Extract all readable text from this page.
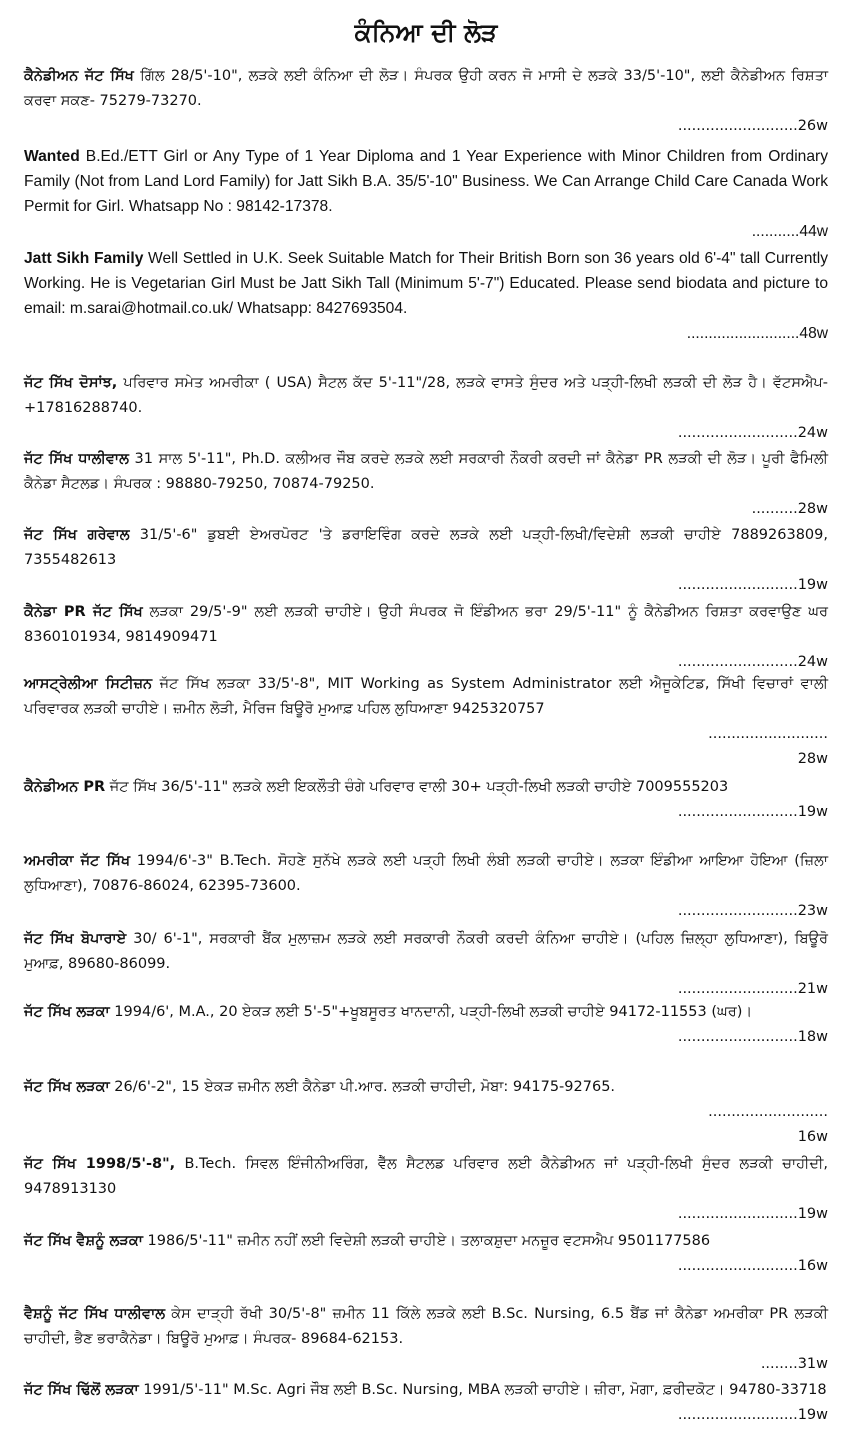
ਕੰਨਿਆ ਦੀ ਲੋੜ
ਕੈਨੇਡੀਅਨ ਜੱਟ ਸਿੱਖ ਗਿੱਲ 28/5'-10", ਲੜਕੇ ਲਈ ਕੰਨਿਆ ਦੀ ਲੋੜ। ਸੰਪਰਕ ਉਹੀ ਕਰਨ ਜੋ ਮਾਸੀ ਦੇ ਲੜਕੇ 33/5'-10", ਲਈ ਕੈਨੇਡੀਅਨ ਰਿਸ਼ਤਾ ਕਰਵਾ ਸਕਣ- 75279-73270.
.......................... 26w
Wanted B.Ed./ETT Girl or Any Type of 1 Year Diploma and 1 Year Experience with Minor Children from Ordinary Family (Not from Land Lord Family) for Jatt Sikh B.A. 35/5'-10" Business. We Can Arrange Child Care Canada Work Permit for Girl. Whatsapp No : 98142-17378.
........... 44w
Jatt Sikh Family Well Settled in U.K. Seek Suitable Match for Their British Born son 36 years old 6'-4" tall Currently Working. He is Vegetarian Girl Must be Jatt Sikh Tall (Minimum 5'-7") Educated. Please send biodata and picture to email: m.sarai@hotmail.co.uk/ Whatsapp: 8427693504.
.......................... 48w
ਜੱਟ ਸਿੱਖ ਦੋਸਾਂਝ, ਪਰਿਵਾਰ ਸਮੇਤ ਅਮਰੀਕਾ ( USA) ਸੈਟਲ ਕੱਦ 5'-11"/28, ਲੜਕੇ ਵਾਸਤੇ ਸੁੰਦਰ ਅਤੇ ਪੜ੍ਹੀ-ਲਿਖੀ ਲੜਕੀ ਦੀ ਲੋੜ ਹੈ। ਵੱਟਸਐਪ- +17816288740.
.......................... 24w
ਜੱਟ ਸਿੱਖ ਧਾਲੀਵਾਲ 31 ਸਾਲ 5'-11", Ph.D. ਕਲੀਅਰ ਜੌਬ ਕਰਦੇ ਲੜਕੇ ਲਈ ਸਰਕਾਰੀ ਨੌਕਰੀ ਕਰਦੀ ਜਾਂ ਕੈਨੇਡਾ PR ਲੜਕੀ ਦੀ ਲੋੜ। ਪੂਰੀ ਫੈਮਿਲੀ ਕੈਨੇਡਾ ਸੈਟਲਡ। ਸੰਪਰਕ : 98880-79250, 70874-79250.
.......... 28w
ਜੱਟ ਸਿੱਖ ਗਰੇਵਾਲ 31/5'-6" ਡੁਬਈ ਏਅਰਪੋਰਟ 'ਤੇ ਡਰਾਇਵਿੰਗ ਕਰਦੇ ਲੜਕੇ ਲਈ ਪੜ੍ਹੀ-ਲਿਖੀ/ਵਿਦੇਸ਼ੀ ਲੜਕੀ ਚਾਹੀਏ 7889263809, 7355482613
.......................... 19w
ਕੈਨੇਡਾ PR ਜੱਟ ਸਿੱਖ ਲੜਕਾ 29/5'-9" ਲਈ ਲੜਕੀ ਚਾਹੀਏ। ਉਹੀ ਸੰਪਰਕ ਜੋ ਇੰਡੀਅਨ ਭਰਾ 29/5'-11" ਨੂੰ ਕੈਨੇਡੀਅਨ ਰਿਸ਼ਤਾ ਕਰਵਾਉਣ ਘਰ 8360101934, 9814909471
.......................... 24w
ਆਸਟ੍ਰੇਲੀਆ ਸਿਟੀਜ਼ਨ ਜੱਟ ਸਿੱਖ ਲੜਕਾ 33/5'-8", MIT Working as System Administrator ਲਈ ਐਜੂਕੇਟਿਡ, ਸਿੱਖੀ ਵਿਚਾਰਾਂ ਵਾਲੀ ਪਰਿਵਾਰਕ ਲੜਕੀ ਚਾਹੀਏ। ਜ਼ਮੀਨ ਲੋੜੀ, ਮੈਰਿਜ ਬਿਊਰੋ ਮੁਆਫ਼ ਪਹਿਲ ਲੁਧਿਆਣਾ 9425320757
..........................
28w
ਕੈਨੇਡੀਅਨ PR ਜੱਟ ਸਿੱਖ 36/5'-11" ਲੜਕੇ ਲਈ ਇਕਲੌਤੀ ਚੰਗੇ ਪਰਿਵਾਰ ਵਾਲੀ 30+ ਪੜ੍ਹੀ-ਲਿਖੀ ਲੜਕੀ ਚਾਹੀਏ 7009555203
.......................... 19w
ਅਮਰੀਕਾ ਜੱਟ ਸਿੱਖ 1994/6'-3" B.Tech. ਸੋਹਣੇ ਸੁਨੱਖੇ ਲੜਕੇ ਲਈ ਪੜ੍ਹੀ ਲਿਖੀ ਲੰਬੀ ਲੜਕੀ ਚਾਹੀਏ। ਲੜਕਾ ਇੰਡੀਆ ਆਇਆ ਹੋਇਆ (ਜ਼ਿਲਾ ਲੁਧਿਆਣਾ), 70876-86024, 62395-73600.
.......................... 23w
ਜੱਟ ਸਿੱਖ ਬੋਪਾਰਾਏ 30/ 6'-1", ਸਰਕਾਰੀ ਬੈਂਕ ਮੁਲਾਜ਼ਮ ਲੜਕੇ ਲਈ ਸਰਕਾਰੀ ਨੌਕਰੀ ਕਰਦੀ ਕੰਨਿਆ ਚਾਹੀਏ। (ਪਹਿਲ ਜ਼ਿਲ੍ਹਾ ਲੁਧਿਆਣਾ), ਬਿਊਰੋ ਮੁਆਫ਼, 89680-86099.
.......................... 21w
ਜੱਟ ਸਿੱਖ ਲੜਕਾ 1994/6', M.A., 20 ਏਕੜ ਲਈ 5'-5"+ਖੂਬਸੂਰਤ ਖਾਨਦਾਨੀ, ਪੜ੍ਹੀ-ਲਿਖੀ ਲੜਕੀ ਚਾਹੀਏ 94172-11553 (ਘਰ)।
.......................... 18w
ਜੱਟ ਸਿੱਖ ਲੜਕਾ 26/6'-2", 15 ਏਕੜ ਜ਼ਮੀਨ ਲਈ ਕੈਨੇਡਾ ਪੀ.ਆਰ. ਲੜਕੀ ਚਾਹੀਦੀ, ਮੋਬਾ: 94175-92765.
..........................
16w
ਜੱਟ ਸਿੱਖ 1998/5'-8", B.Tech. ਸਿਵਲ ਇੰਜੀਨੀਅਰਿੰਗ, ਵੈੱਲ ਸੈਟਲਡ ਪਰਿਵਾਰ ਲਈ ਕੈਨੇਡੀਅਨ ਜਾਂ ਪੜ੍ਹੀ-ਲਿਖੀ ਸੁੰਦਰ ਲੜਕੀ ਚਾਹੀਦੀ, 9478913130
.......................... 19w
ਜੱਟ ਸਿੱਖ ਵੈਸ਼ਨੂੰ ਲੜਕਾ 1986/5'-11" ਜ਼ਮੀਨ ਨਹੀਂ ਲਈ ਵਿਦੇਸ਼ੀ ਲੜਕੀ ਚਾਹੀਏ। ਤਲਾਕਸ਼ੁਦਾ ਮਨਜ਼ੂਰ ਵਟਸਐਪ 9501177586
.......................... 16w
ਵੈਸ਼ਨੂੰ ਜੱਟ ਸਿੱਖ ਧਾਲੀਵਾਲ ਕੇਸ ਦਾੜ੍ਹੀ ਰੱਖੀ 30/5'-8" ਜ਼ਮੀਨ 11 ਕਿੱਲੇ ਲੜਕੇ ਲਈ B.Sc. Nursing, 6.5 ਬੈਂਡ ਜਾਂ ਕੈਨੇਡਾ ਅਮਰੀਕਾ PR ਲੜਕੀ ਚਾਹੀਦੀ, ਭੈਣ ਭਰਾਕੈਨੇਡਾ। ਬਿਊਰੋ ਮੁਆਫ਼। ਸੰਪਰਕ- 89684-62153.
........ 31w
ਜੱਟ ਸਿੱਖ ਢਿੱਲੋਂ ਲੜਕਾ 1991/5'-11" M.Sc. Agri ਜੌਬ ਲਈ B.Sc. Nursing, MBA ਲੜਕੀ ਚਾਹੀਏ। ਜ਼ੀਰਾ, ਮੋਗਾ, ਫ਼ਰੀਦਕੋਟ। 94780-33718
.......................... 19w
